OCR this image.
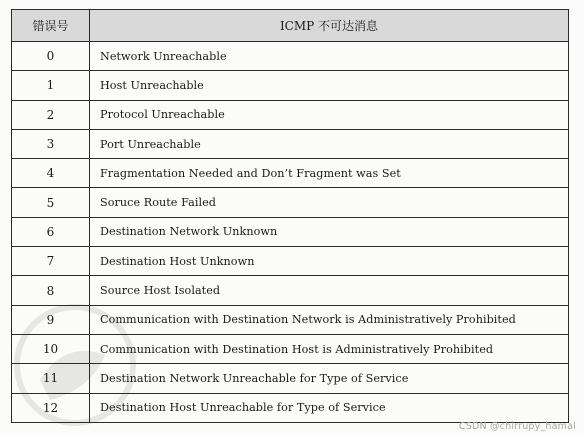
错误号	ICMP 不可达消息
0	Network Unreachable
1	Host Unreachable
2	Protocol Unreachable
3	Port Unreachable
4	Fragmentation Needed and Don’t Fragment was Set
5	Soruce Route Failed
6	Destination Network Unknown
7	Destination Host Unknown
8	Source Host Isolated
9	Communication with Destination Network is Administratively Prohibited
10	Communication with Destination Host is Administratively Prohibited
11	Destination Network Unreachable for Type of Service
12	Destination Host Unreachable for Type of Service
CSDN @chirrupy_hamal
